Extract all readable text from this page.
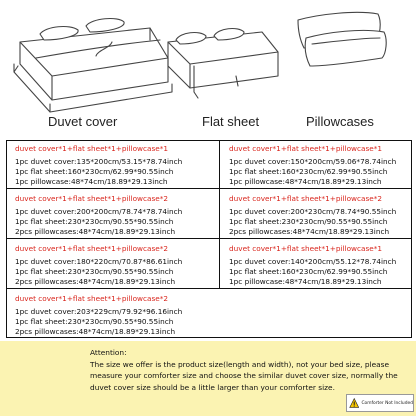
Duvet cover	Flat sheet	Pillowcases
duvet cover*1+flat sheet*1+pillowcase*1
1pc duvet cover:135*200cm/53.15*78.74inch
1pc flat sheet:160*230cm/62.99*90.55inch
1pc pillowcase:48*74cm/18.89*29.13inch
duvet cover*1+flat sheet*1+pillowcase*1
1pc duvet cover:150*200cm/59.06*78.74inch
1pc flat sheet:160*230cm/62.99*90.55inch
1pc pillowcase:48*74cm/18.89*29.13inch
duvet cover*1+flat sheet*1+pillowcase*2
1pc duvet cover:200*200cm/78.74*78.74inch
1pc flat sheet:230*230cm/90.55*90.55inch
2pcs pillowcases:48*74cm/18.89*29.13inch
duvet cover*1+flat sheet*1+pillowcase*2
1pc duvet cover:200*230cm/78.74*90.55inch
1pc flat sheet:230*230cm/90.55*90.55inch
2pcs pillowcases:48*74cm/18.89*29.13inch
duvet cover*1+flat sheet*1+pillowcase*2
1pc duvet cover:180*220cm/70.87*86.61inch
1pc flat sheet:230*230cm/90.55*90.55inch
2pcs pillowcases:48*74cm/18.89*29.13inch
duvet cover*1+flat sheet*1+pillowcase*1
1pc duvet cover:140*200cm/55.12*78.74inch
1pc flat sheet:160*230cm/62.99*90.55inch
1pc pillowcase:48*74cm/18.89*29.13inch
duvet cover*1+flat sheet*1+pillowcase*2
1pc duvet cover:203*229cm/79.92*96.16inch
1pc flat sheet:230*230cm/90.55*90.55inch
2pcs pillowcases:48*74cm/18.89*29.13inch
Attention:
The size we offer is the product size(length and width), not your bed size, please
measure your comforter size and choose the similar duvet cover size, normally the
duvet cover size should be a little larger than your comforter size.
Comforter Not Included
